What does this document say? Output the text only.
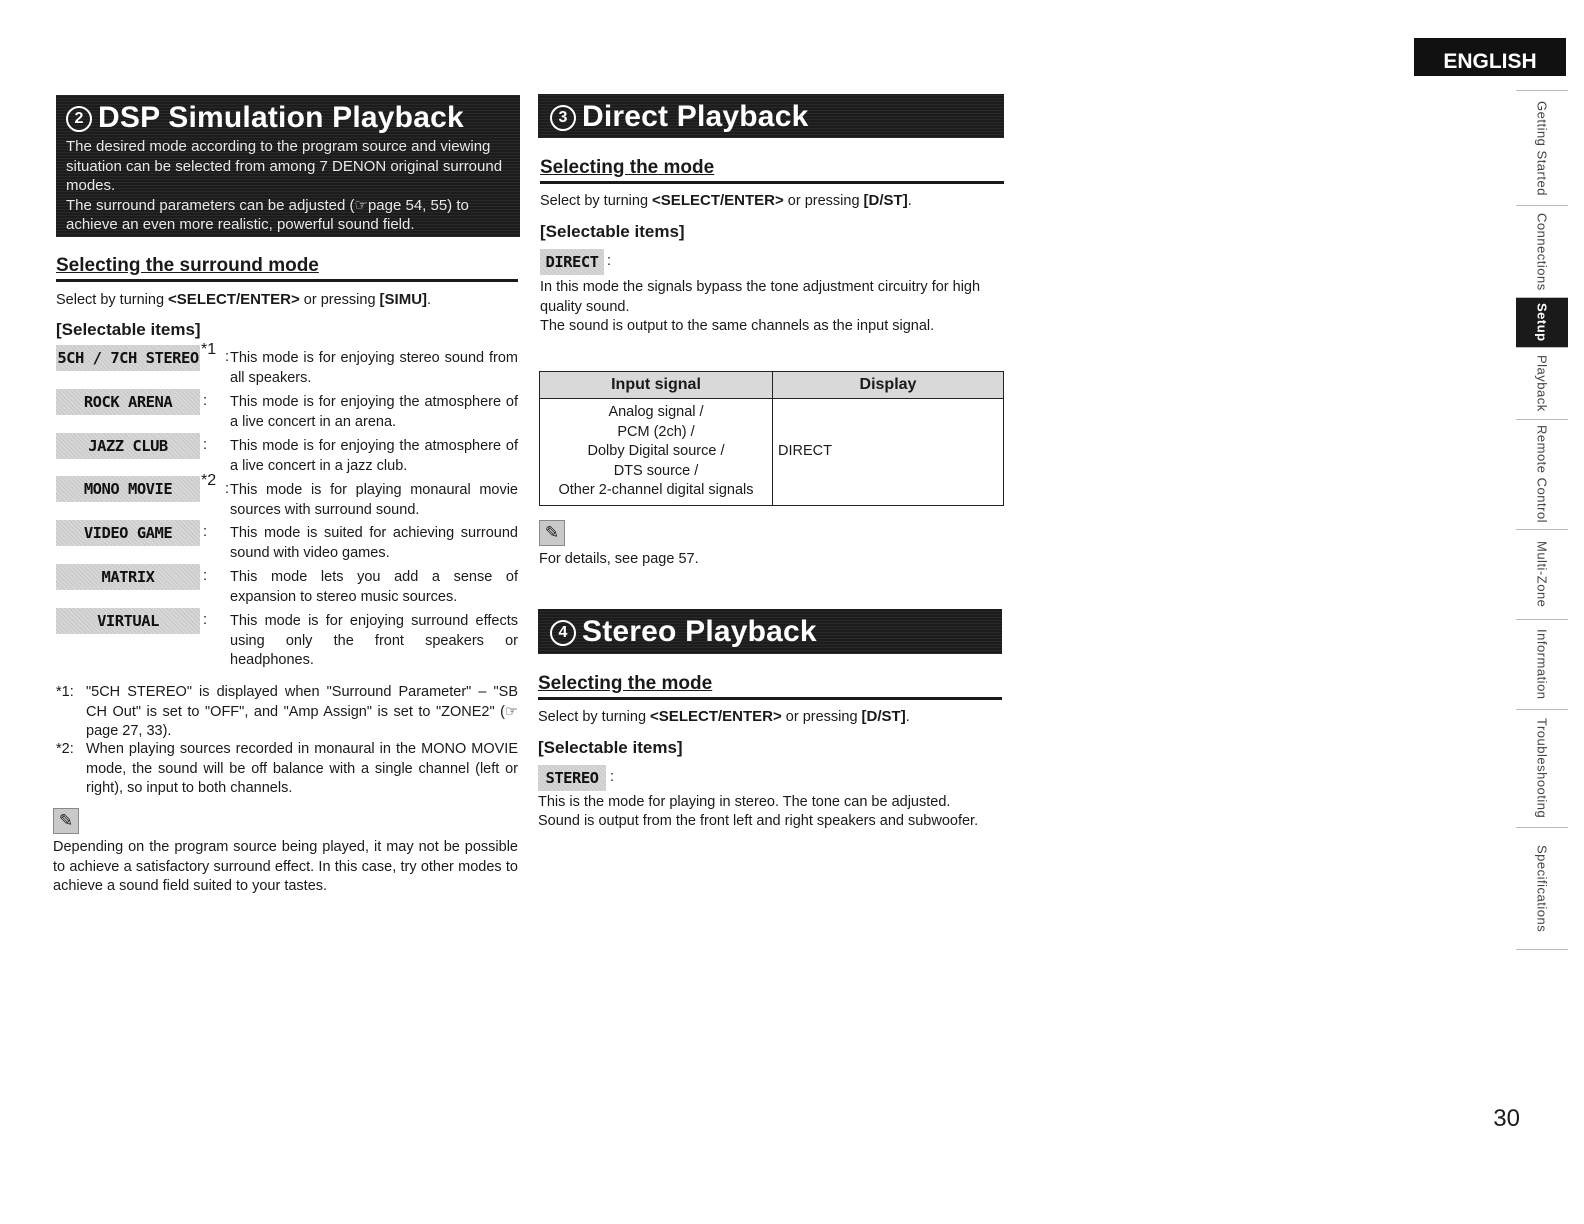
ENGLISH
Getting Started
Connections
Setup
Playback
Remote Control
Multi-Zone
Information
Troubleshooting
Specifications
30
2 DSP Simulation Playback
The desired mode according to the program source and viewing situation can be selected from among 7 DENON original surround modes.
The surround parameters can be adjusted (☞page 54, 55) to achieve an even more realistic, powerful sound field.
Selecting the surround mode
Select by turning <SELECT/ENTER> or pressing [SIMU].
[Selectable items]
5CH / 7CH STEREO *1 : This mode is for enjoying stereo sound from all speakers.
ROCK ARENA	: This mode is for enjoying the atmosphere of a live concert in an arena.
JAZZ CLUB	: This mode is for enjoying the atmosphere of a live concert in a jazz club.
MONO MOVIE	*2 : This mode is for playing monaural movie sources with surround sound.
VIDEO GAME	: This mode is suited for achieving surround sound with video games.
MATRIX	: This mode lets you add a sense of expansion to stereo music sources.
VIRTUAL	: This mode is for enjoying surround effects using only the front speakers or headphones.
*1: "5CH STEREO" is displayed when "Surround Parameter" – "SB CH Out" is set to "OFF", and "Amp Assign" is set to "ZONE2" (☞page 27, 33).
*2: When playing sources recorded in monaural in the MONO MOVIE mode, the sound will be off balance with a single channel (left or right), so input to both channels.
✎
Depending on the program source being played, it may not be possible to achieve a satisfactory surround effect. In this case, try other modes to achieve a sound field suited to your tastes.
3 Direct Playback
Selecting the mode
Select by turning <SELECT/ENTER> or pressing [D/ST].
[Selectable items]
DIRECT :
In this mode the signals bypass the tone adjustment circuitry for high quality sound.
The sound is output to the same channels as the input signal.
Input signal	Display

Analog signal /
PCM (2ch) /
Dolby Digital source /
DTS source /
Other 2-channel digital signals	DIRECT
✎
For details, see page 57.
4 Stereo Playback
Selecting the mode
Select by turning <SELECT/ENTER> or pressing [D/ST].
[Selectable items]
STEREO :
This is the mode for playing in stereo. The tone can be adjusted.
Sound is output from the front left and right speakers and subwoofer.
